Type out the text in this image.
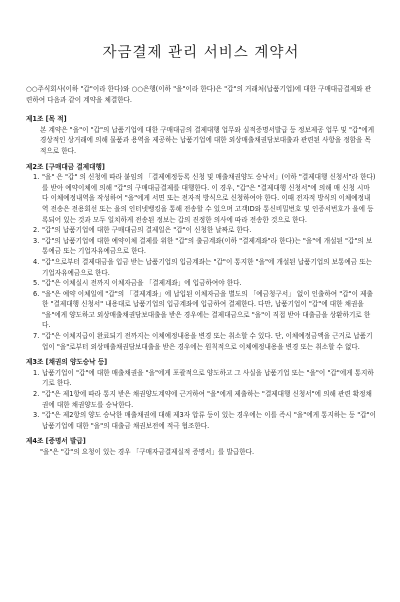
자금결제 관리 서비스 계약서

○○주식회사(이하 "갑"이라 한다)와 ○○은행(이하 "을"이라 한다)은 "갑"의 거래처(납품기업)에 대한 구매대금결제와 관련하여 다음과 같이 계약을 체결한다.

제1조 [목 적]

본 계약은 "을"이 "갑"의 납품기업에 대한 구매대금의 결제대행 업무와 실적증명서발급 등 정보제공 업무 및 "갑"에게 경상적인 상거래에 의해 물품과 용역을 제공하는 납품기업에 대한 외상매출채권담보대출과 관련된 사항을 정함을 목적으로 한다.

제2조 [구매대금 결제대행]

1. "을" 은 "갑" 의 신청에 따라 붙임의 「결제예정등록 신청 및 매출채권양도 승낙서」(이하 "결제대행 신청서"라 한다)를 받아 예약이체에 의해 "갑"의 구매대금결제를 대행한다. 이 경우, "갑"은 "결제대행 신청서"에 의해 매 신청 시마다 이체예정내역을 작성하여 "을"에게 서면 또는 전자적 방식으로 신청하여야 한다. 이때 전자적 방식의 이체예정내역 전송은 전용회선 또는 을의 인터넷뱅킹을 통해 전송할 수 있으며 고객ID와 통신비밀번호 및 인증서번호가 을에 등록되어 있는 것과 모두 일치하게 전송된 정보는 갑의 진정한 의사에 따라 전송한 것으로 한다.
2. "갑"의 납품기업에 대한 구매대금의 결제일은 "갑"이 신청한 날짜로 한다.
3. "갑"의 납품기업에 대한 예약이체 결제를 위한 "갑"의 출금계좌(이하 "결제계좌"라 한다)는 "을"에 개설된 "갑"의 보통예금 또는 기업자유예금으로 한다.
4. "갑"으로부터 결제대금을 입금 받는 납품기업의 입금계좌는 "갑"이 통지한 "을"에 개설된 납품기업의 보통예금 또는 기업자유예금으로 한다.
5. "갑"은 이체실시 전까지 이체자금을 「결제계좌」에 입금하여야 한다.
6. "을"은 예약 이체일에 "갑"의 「결제계좌」에 납입된 이체자금을 별도의 「예금청구서」 없이 인출하여 "갑"이 제출한 "결제대행 신청서" 내용대로 납품기업의 입금계좌에 입금하여 결제한다. 다만, 납품기업이 "갑"에 대한 채권을 "을"에게 양도하고 외상매출채권담보대출을 받은 경우에는 결제대금으로 "을"이 직접 받아 대출금을 상환하기로 한다.
7. "갑"은 이체지급이 완료되기 전까지는 이체예정내용을 변경 또는 취소할 수 있다. 단, 이체예정금액을 근거로 납품기업이 "을"로부터 외상매출채권담보대출을 받은 경우에는 원칙적으로 이체예정내용을 변경 또는 취소할 수 없다.

제3조 [채권의 양도승낙 등]

1. 납품기업이 "갑"에 대한 매출채권을 "을"에게 포괄적으로 양도하고 그 사실을 납품기업 또는 "을"이 "갑"에게 통지하기로 한다.
2. "갑"은 제1항에 따라 통지 받은 채권양도계약에 근거하여 "을"에게 제출하는 "결제대행 신청서"에 의해 관련 확정채권에 대한 채권양도를 승낙한다.
3. "갑"은 제2항의 양도 승낙한 매출채권에 대해 제3자 압류 등이 있는 경우에는 이를 즉시 "을"에게 통지하는 등 "갑"이 납품기업에 대한 "을"의 대출금 채권보전에 적극 협조한다.

제4조 [증명서 발급]

"을"은 "갑"의 요청이 있는 경우 「구매자금결제실적 증명서」를 발급한다.
